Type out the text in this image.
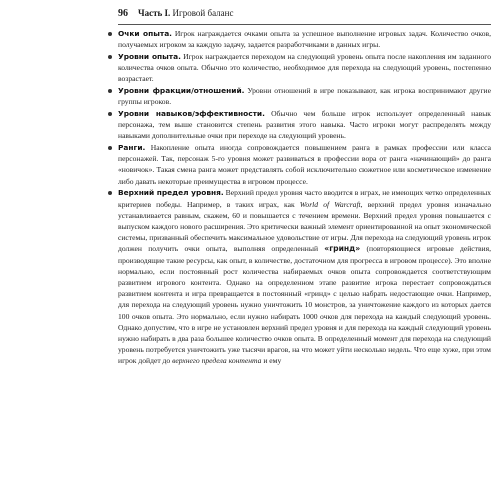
96 Часть I. Игровой баланс
Очки опыта. Игрок награждается очками опыта за успешное выполнение игровых задач. Количество очков, получаемых игроком за каждую задачу, задается разработчиками в данных игры.
Уровни опыта. Игрок награждается переходом на следующий уровень опыта после накопления им заданного количества очков опыта. Обычно это количество, необходимое для перехода на следующий уровень, постепенно возрастает.
Уровни фракции/отношений. Уровни отношений в игре показывают, как игрока воспринимают другие группы игроков.
Уровни навыков/эффективности. Обычно чем больше игрок использует определенный навык персонажа, тем выше становится степень развития этого навыка. Часто игроки могут распределять между навыками дополнительные очки при переходе на следующий уровень.
Ранги. Накопление опыта иногда сопровождается повышением ранга в рамках профессии или класса персонажей. Так, персонаж 5-го уровня может развиваться в профессии вора от ранга «начинающий» до ранга «новичок». Такая смена ранга может представлять собой исключительно сюжетное или косметическое изменение либо давать некоторые преимущества в игровом процессе.
Верхний предел уровня. Верхний предел уровня часто вводится в играх, не имеющих четко определенных критериев победы. Например, в таких играх, как World of Warcraft, верхний предел уровня изначально устанавливается равным, скажем, 60 и повышается с течением времени. Верхний предел уровня повышается с выпуском каждого нового расширения. Это критически важный элемент ориентированной на опыт экономической системы, призванный обеспечить максимальное удовольствие от игры. Для перехода на следующий уровень игрок должен получить очки опыта, выполняя определенный «гринд» (повторяющиеся игровые действия, производящие такие ресурсы, как опыт, в количестве, достаточном для прогресса в игровом процессе). Это вполне нормально, если постоянный рост количества набираемых очков опыта сопровождается соответствующим развитием игрового контента. Однако на определенном этапе развитие игрока перестает сопровождаться развитием контента и игра превращается в постоянный «гринд» с целью набрать недостающие очки. Например, для перехода на следующий уровень нужно уничтожить 10 монстров, за уничтожение каждого из которых дается 100 очков опыта. Это нормально, если нужно набирать 1000 очков для перехода на каждый следующий уровень. Однако допустим, что в игре не установлен верхний предел уровня и для перехода на каждый следующий уровень нужно набирать в два раза большее количество очков опыта. В определенный момент для перехода на следующий уровень потребуется уничтожить уже тысячи врагов, на что может уйти несколько недель. Что еще хуже, при этом игрок дойдет до верхнего предела контента и ему
